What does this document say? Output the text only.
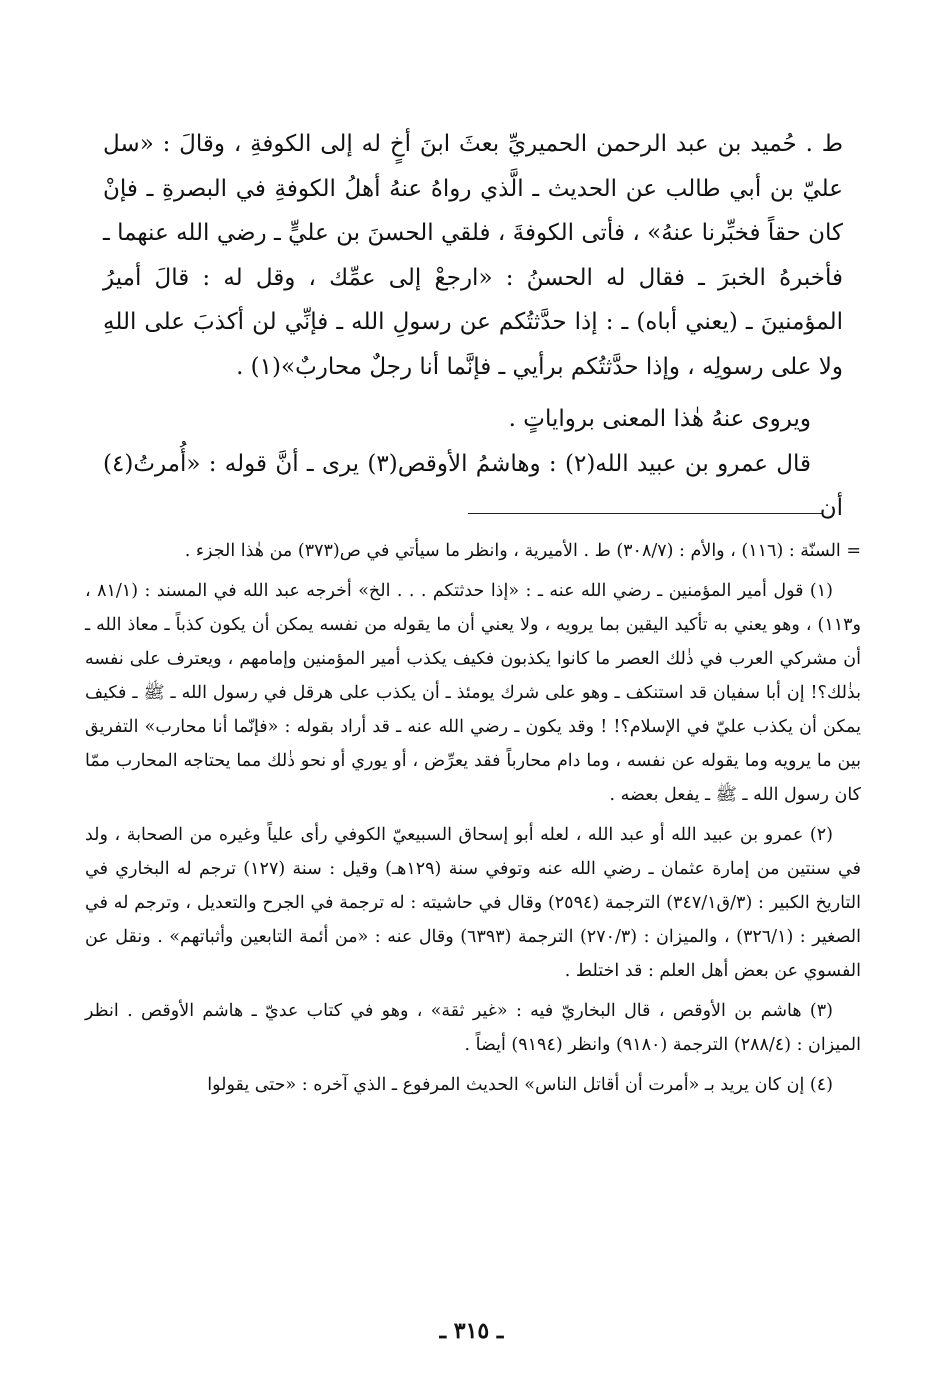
ط . حُميد بن عبد الرحمن الحميريِّ بعثَ ابنَ أخٍ له إلى الكوفةِ ، وقالَ : «سل عليّ بن أبي طالب عن الحديث ـ الَّذي رواهُ عنهُ أهلُ الكوفةِ في البصرةِ ـ فإنْ كان حقاً فخبِّرنا عنهُ» ، فأتى الكوفةَ ، فلقي الحسنَ بن عليٍّ ـ رضي الله عنهما ـ فأخبرهُ الخبرَ ـ فقال له الحسنُ : «ارجعْ إلى عمِّك ، وقل له : قالَ أميرُ المؤمنينَ ـ (يعني أباه) ـ : إذا حدَّثتُكم عن رسولِ الله ـ فإنِّي لن أكذبَ على اللهِ ولا على رسولِه ، وإذا حدَّثتُكم برأيي ـ فإنَّما أنا رجلٌ محاربٌ»(١) .

ويروى عنهُ هٰذا المعنى برواياتٍ .

قال عمرو بن عبيد الله(٢) : وهاشمُ الأوقص(٣) يرى ـ أنَّ قوله : «أُمرتُ(٤) أن

= السنّة : (١١٦) ، والأم : (٣٠٨/٧) ط . الأميرية ، وانظر ما سيأتي في ص(٣٧٣) من هٰذا الجزء .

(١) قول أمير المؤمنين ـ رضي الله عنه ـ : «إذا حدثتكم . . . الخ» أخرجه عبد الله في المسند : (٨١/١ ، و١١٣) ، وهو يعني به تأكيد اليقين بما يرويه ، ولا يعني أن ما يقوله من نفسه يمكن أن يكون كذباً ـ معاذ الله ـ أن مشركي العرب في ذٰلك العصر ما كانوا يكذبون فكيف يكذب أمير المؤمنين وإمامهم ، ويعترف على نفسه بذٰلك؟! إن أبا سفيان قد استنكف ـ وهو على شرك يومئذ ـ أن يكذب على هرقل في رسول الله ـ ﷺ ـ فكيف يمكن أن يكذب عليّ في الإسلام؟! ! وقد يكون ـ رضي الله عنه ـ قد أراد بقوله : «فإنّما أنا محارب» التفريق بين ما يرويه وما يقوله عن نفسه ، وما دام محارباً فقد يعرِّض ، أو يوري أو نحو ذٰلك مما يحتاجه المحارب ممّا كان رسول الله ـ ﷺ ـ يفعل بعضه .

(٢) عمرو بن عبيد الله أو عبد الله ، لعله أبو إسحاق السبيعيّ الكوفي رأى علياً وغيره من الصحابة ، ولد في سنتين من إمارة عثمان ـ رضي الله عنه وتوفي سنة (١٢٩هـ) وقيل : سنة (١٢٧) ترجم له البخاري في التاريخ الكبير : (٣/ق٣٤٧/١) الترجمة (٢٥٩٤) وقال في حاشيته : له ترجمة في الجرح والتعديل ، وترجم له في الصغير : (٣٢٦/١) ، والميزان : (٢٧٠/٣) الترجمة (٦٣٩٣) وقال عنه : «من أئمة التابعين وأثباتهم» . ونقل عن الفسوي عن بعض أهل العلم : قد اختلط .

(٣) هاشم بن الأوقص ، قال البخاريّ فيه : «غير ثقة» ، وهو في كتاب عديّ ـ هاشم الأوقص . انظر الميزان : (٢٨٨/٤) الترجمة (٩١٨٠) وانظر (٩١٩٤) أيضاً .

(٤) إن كان يريد بـ «أمرت أن أقاتل الناس» الحديث المرفوع ـ الذي آخره : «حتى يقولوا

ـ ٣١٥ ـ
